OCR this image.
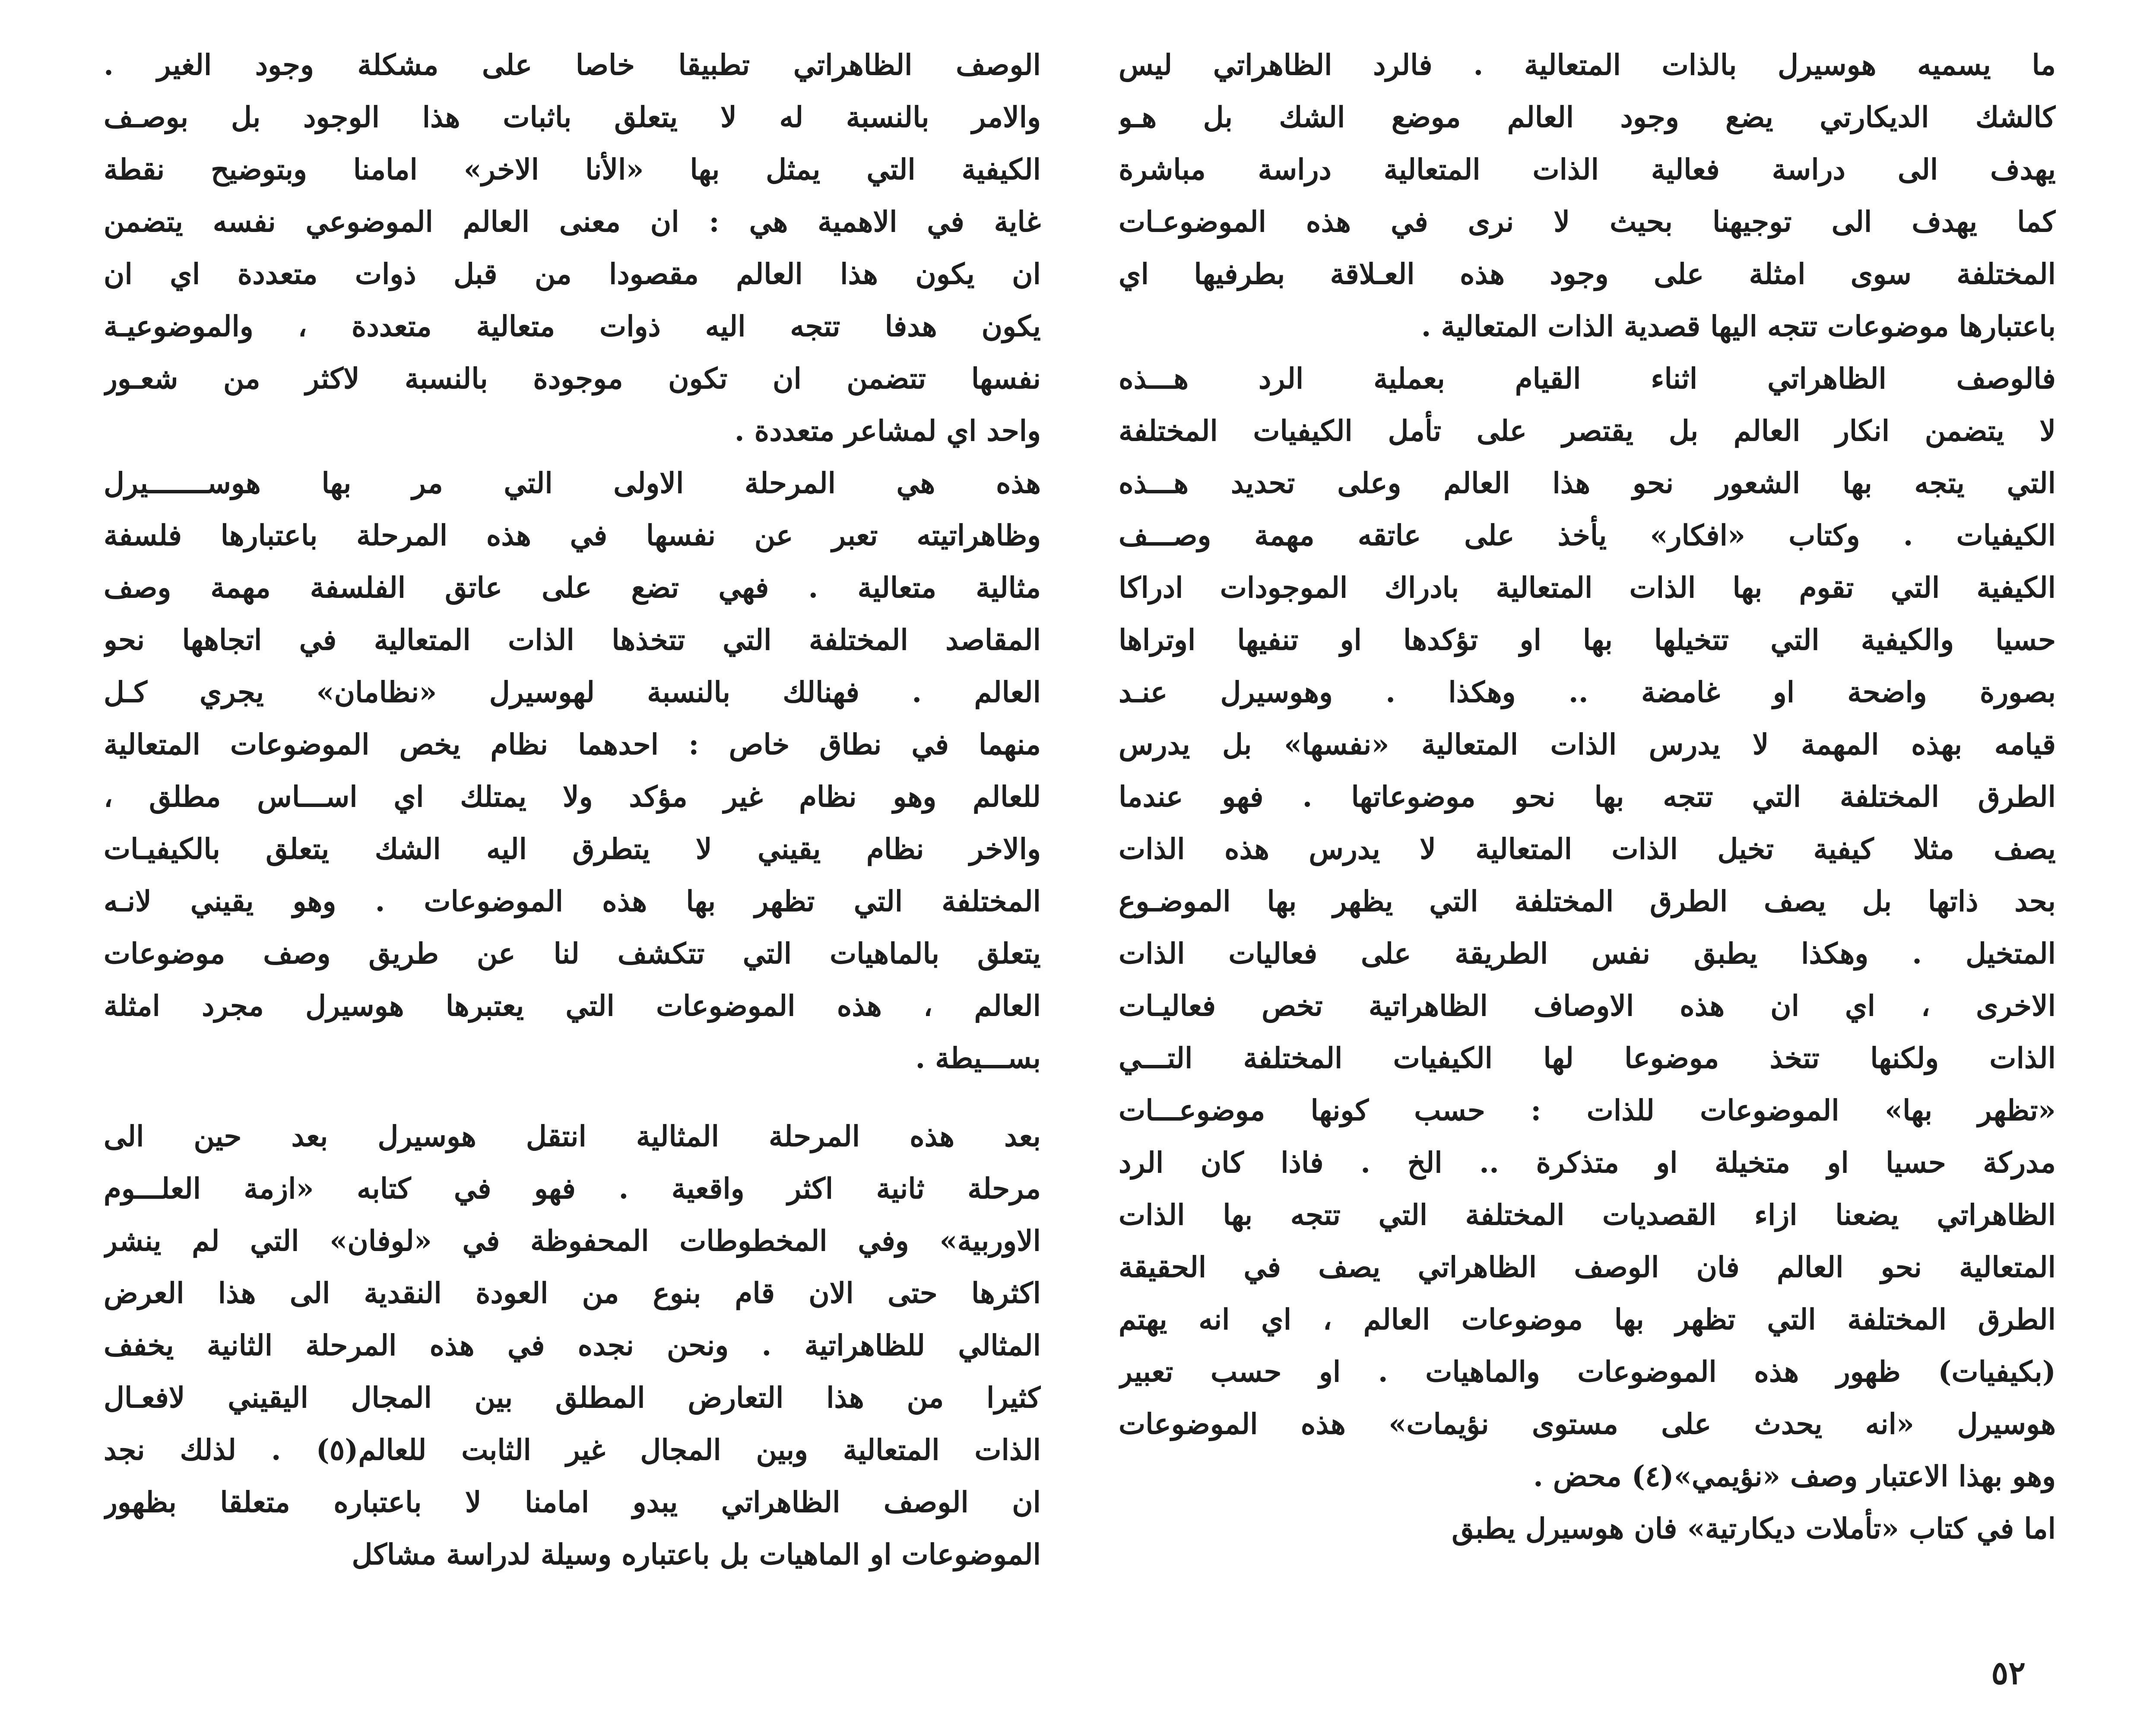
ما يسميه هوسيرل بالذات المتعالية . فالرد الظاهراتي ليس
كالشك الديكارتي يضع وجود العالم موضع الشك بل هـو
يهدف الى دراسة فعالية الذات المتعالية دراسة مباشرة
كما يهدف الى توجيهنا بحيث لا نرى في هذه الموضوعـات
المختلفة سوى امثلة على وجود هذه العـلاقة بطرفيها اي
باعتبارها موضوعات تتجه اليها قصدية الذات المتعالية .
فالوصف الظاهراتي اثناء القيام بعملية الرد هـــذه
لا يتضمن انكار العالم بل يقتصر على تأمل الكيفيات المختلفة
التي يتجه بها الشعور نحو هذا العالم وعلى تحديد هـــذه
الكيفيات . وكتاب «افكار» يأخذ على عاتقه مهمة وصـــف
الكيفية التي تقوم بها الذات المتعالية بادراك الموجودات ادراكا
حسيا والكيفية التي تتخيلها بها او تؤكدها او تنفيها اوتراها
بصورة واضحة او غامضة .. وهكذا . وهوسيرل عنـد
قيامه بهذه المهمة لا يدرس الذات المتعالية «نفسها» بل يدرس
الطرق المختلفة التي تتجه بها نحو موضوعاتها . فهو عندما
يصف مثلا كيفية تخيل الذات المتعالية لا يدرس هذه الذات
بحد ذاتها بل يصف الطرق المختلفة التي يظهر بها الموضـوع
المتخيل . وهكذا يطبق نفس الطريقة على فعاليات الذات
الاخرى ، اي ان هذه الاوصاف الظاهراتية تخص فعاليـات
الذات ولكنها تتخذ موضوعا لها الكيفيات المختلفة التـــي
«تظهر بها» الموضوعات للذات : حسب كونها موضوعـــات
مدركة حسيا او متخيلة او متذكرة .. الخ . فاذا كان الرد
الظاهراتي يضعنا ازاء القصديات المختلفة التي تتجه بها الذات
المتعالية نحو العالم فان الوصف الظاهراتي يصف في الحقيقة
الطرق المختلفة التي تظهر بها موضوعات العالم ، اي انه يهتم
(بكيفيات) ظهور هذه الموضوعات والماهيات . او حسب تعبير
هوسيرل «انه يحدث على مستوى نؤيمات» هذه الموضوعات
وهو بهذا الاعتبار وصف «نؤيمي»(٤) محض .
اما في كتاب «تأملات ديكارتية» فان هوسيرل يطبق
الوصف الظاهراتي تطبيقا خاصا على مشكلة وجود الغير .
والامر بالنسبة له لا يتعلق باثبات هذا الوجود بل بوصـف
الكيفية التي يمثل بها «الأنا الاخر» امامنا وبتوضيح نقطة
غاية في الاهمية هي : ان معنى العالم الموضوعي نفسه يتضمن
ان يكون هذا العالم مقصودا من قبل ذوات متعددة اي ان
يكون هدفا تتجه اليه ذوات متعالية متعددة ، والموضوعيـة
نفسها تتضمن ان تكون موجودة بالنسبة لاكثر من شعـور
واحد اي لمشاعر متعددة .
هذه هي المرحلة الاولى التي مر بها هوســـــــيرل
وظاهراتيته تعبر عن نفسها في هذه المرحلة باعتبارها فلسفة
مثالية متعالية . فهي تضع على عاتق الفلسفة مهمة وصف
المقاصد المختلفة التي تتخذها الذات المتعالية في اتجاهها نحو
العالم . فهنالك بالنسبة لهوسيرل «نظامان» يجري كـل
منهما في نطاق خاص : احدهما نظام يخص الموضوعات المتعالية
للعالم وهو نظام غير مؤكد ولا يمتلك اي اســـاس مطلق ،
والاخر نظام يقيني لا يتطرق اليه الشك يتعلق بالكيفيـات
المختلفة التي تظهر بها هذه الموضوعات . وهو يقيني لانـه
يتعلق بالماهيات التي تتكشف لنا عن طريق وصف موضوعات
العالم ، هذه الموضوعات التي يعتبرها هوسيرل مجرد امثلة
بســـيطة .
بعد هذه المرحلة المثالية انتقل هوسيرل بعد حين الى
مرحلة ثانية اكثر واقعية . فهو في كتابه «ازمة العلـــوم
الاوربية» وفي المخطوطات المحفوظة في «لوفان» التي لم ينشر
اكثرها حتى الان قام بنوع من العودة النقدية الى هذا العرض
المثالي للظاهراتية . ونحن نجده في هذه المرحلة الثانية يخفف
كثيرا من هذا التعارض المطلق بين المجال اليقيني لافعـال
الذات المتعالية وبين المجال غير الثابت للعالم(٥) . لذلك نجد
ان الوصف الظاهراتي يبدو امامنا لا باعتباره متعلقا بظهور
الموضوعات او الماهيات بل باعتباره وسيلة لدراسة مشاكل
٥٢
